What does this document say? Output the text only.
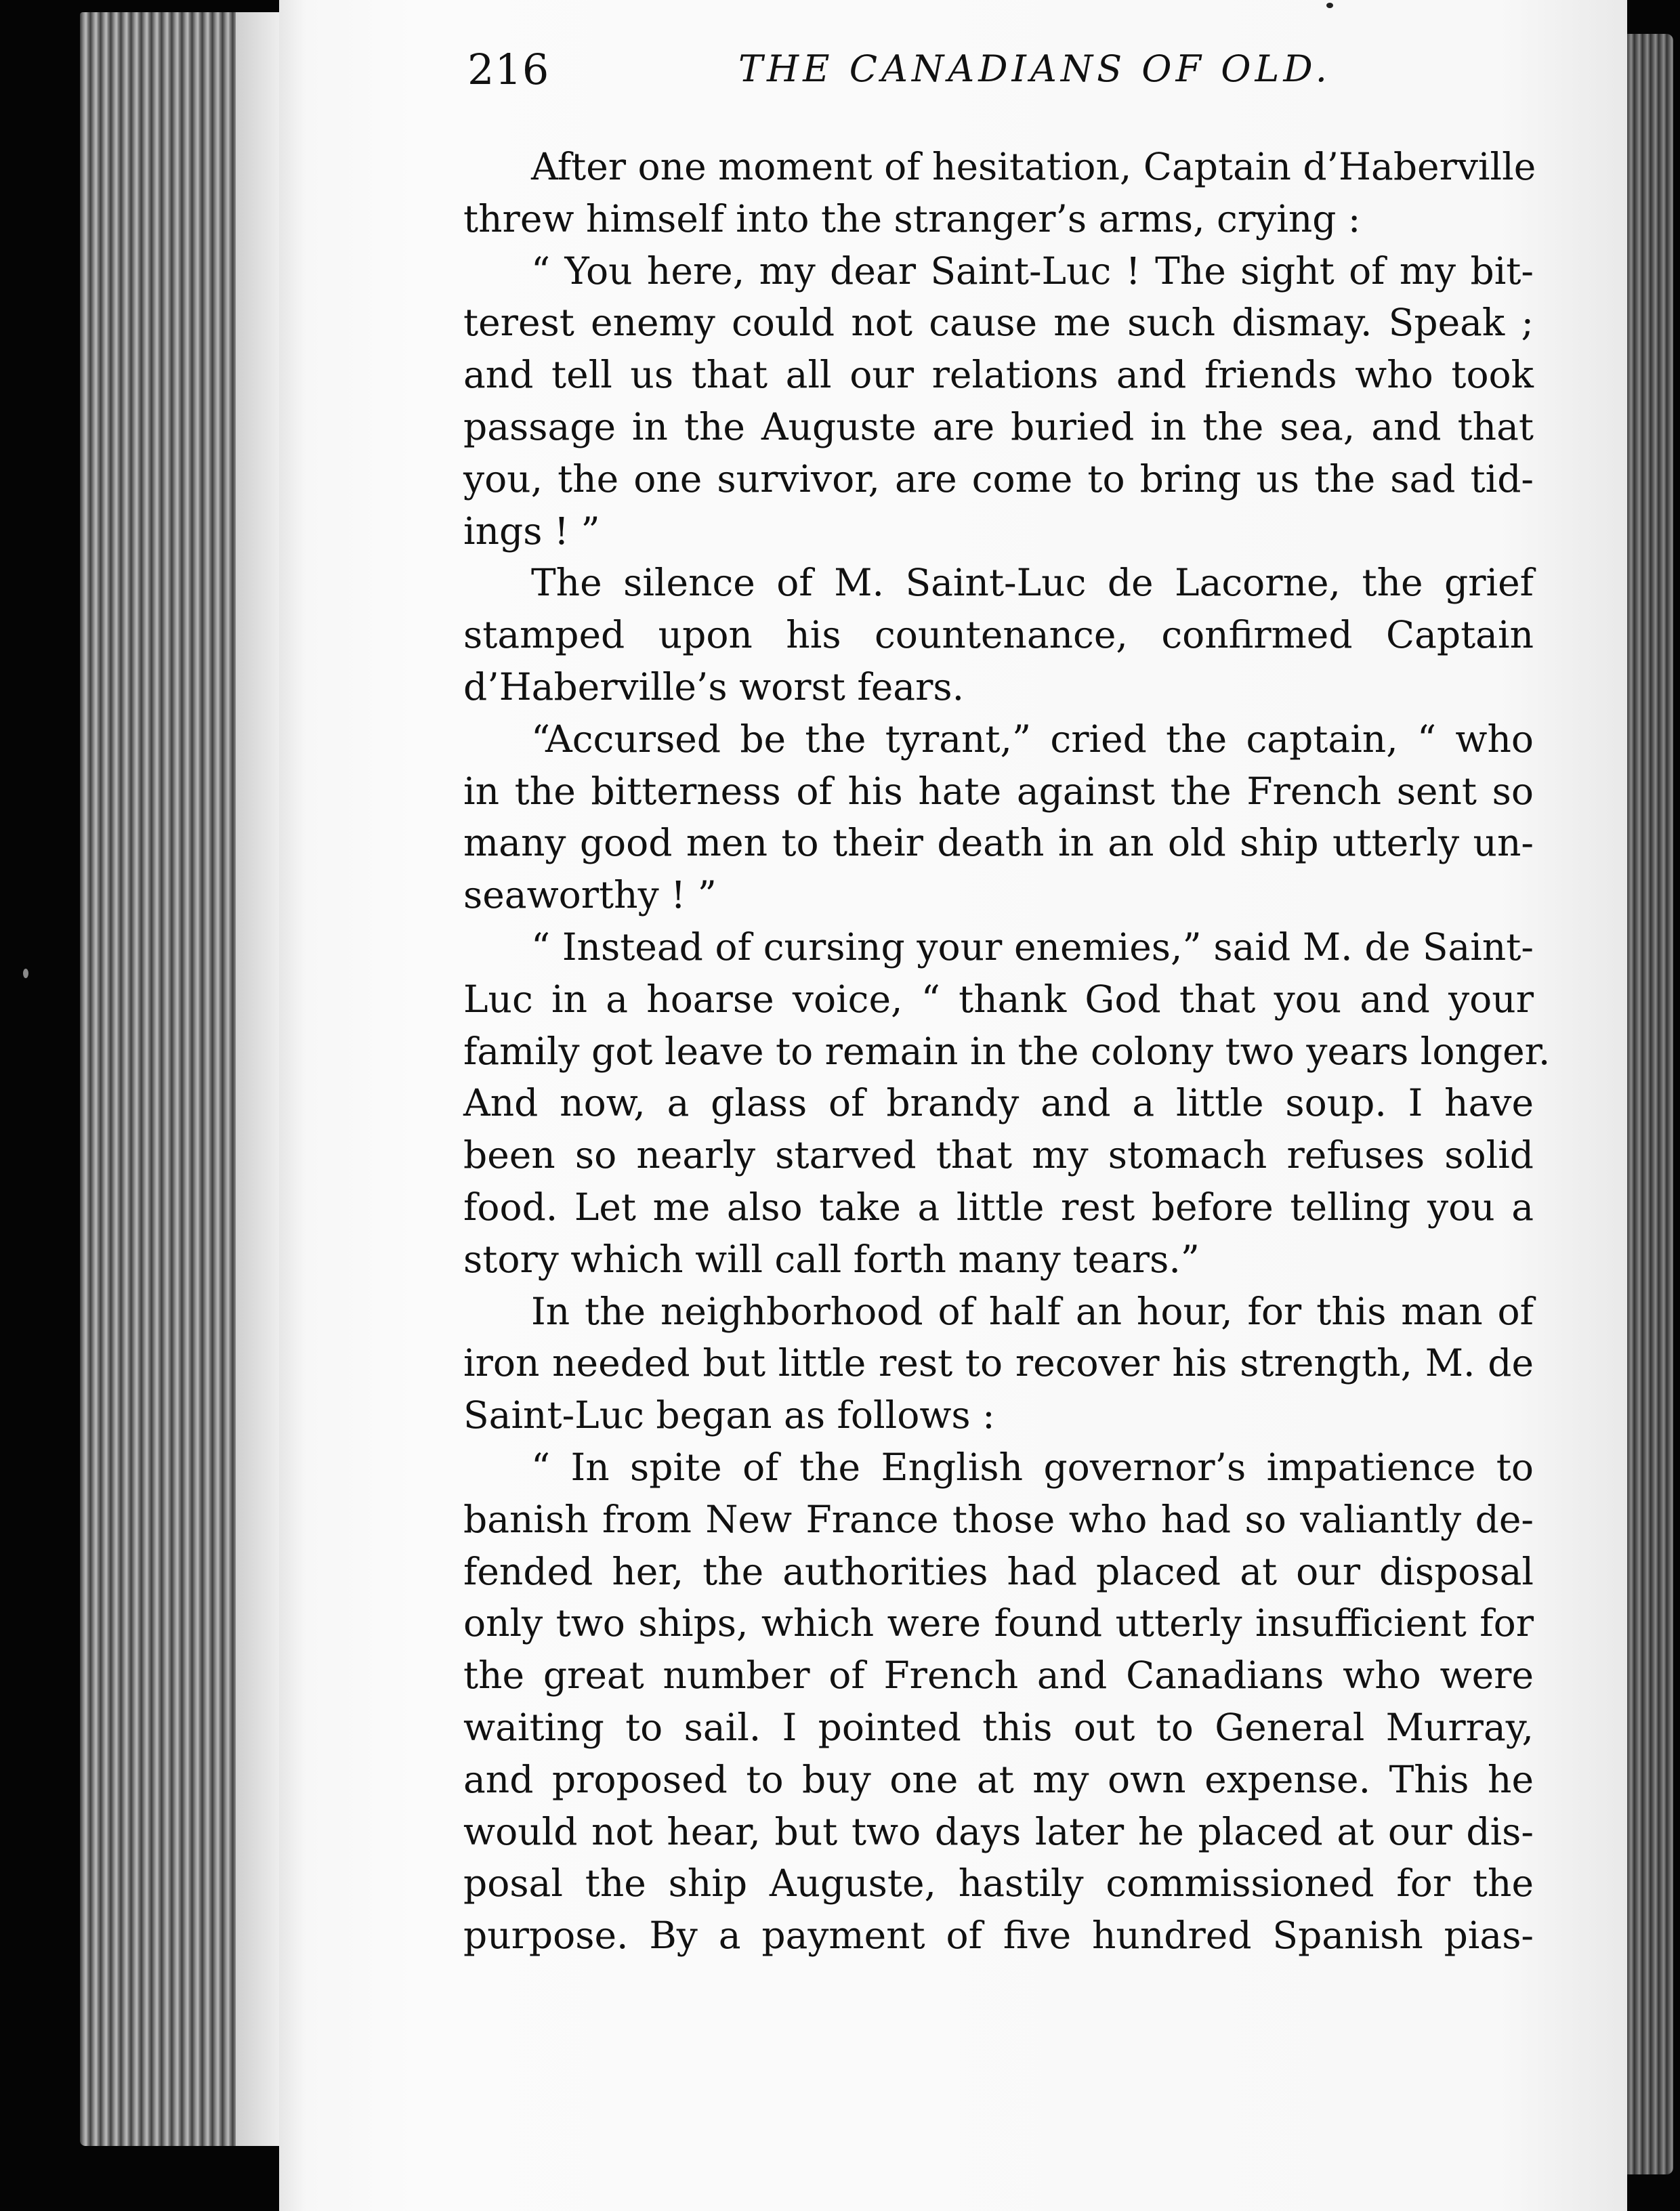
216	THE CANADIANS OF OLD.
After one moment of hesitation, Captain d’Haberville
threw himself into the stranger’s arms, crying :
“ You here, my dear Saint-Luc ! The sight of my bit-
terest enemy could not cause me such dismay. Speak ;
and tell us that all our relations and friends who took
passage in the Auguste are buried in the sea, and that
you, the one survivor, are come to bring us the sad tid-
ings ! ”
The silence of M. Saint-Luc de Lacorne, the grief
stamped upon his countenance, confirmed Captain
d’Haberville’s worst fears.
“Accursed be the tyrant,” cried the captain, “ who
in the bitterness of his hate against the French sent so
many good men to their death in an old ship utterly un-
seaworthy ! ”
“ Instead of cursing your enemies,” said M. de Saint-
Luc in a hoarse voice, “ thank God that you and your
family got leave to remain in the colony two years longer.
And now, a glass of brandy and a little soup. I have
been so nearly starved that my stomach refuses solid
food. Let me also take a little rest before telling you a
story which will call forth many tears.”
In the neighborhood of half an hour, for this man of
iron needed but little rest to recover his strength, M. de
Saint-Luc began as follows :
“ In spite of the English governor’s impatience to
banish from New France those who had so valiantly de-
fended her, the authorities had placed at our disposal
only two ships, which were found utterly insufficient for
the great number of French and Canadians who were
waiting to sail. I pointed this out to General Murray,
and proposed to buy one at my own expense. This he
would not hear, but two days later he placed at our dis-
posal the ship Auguste, hastily commissioned for the
purpose. By a payment of five hundred Spanish pias-
